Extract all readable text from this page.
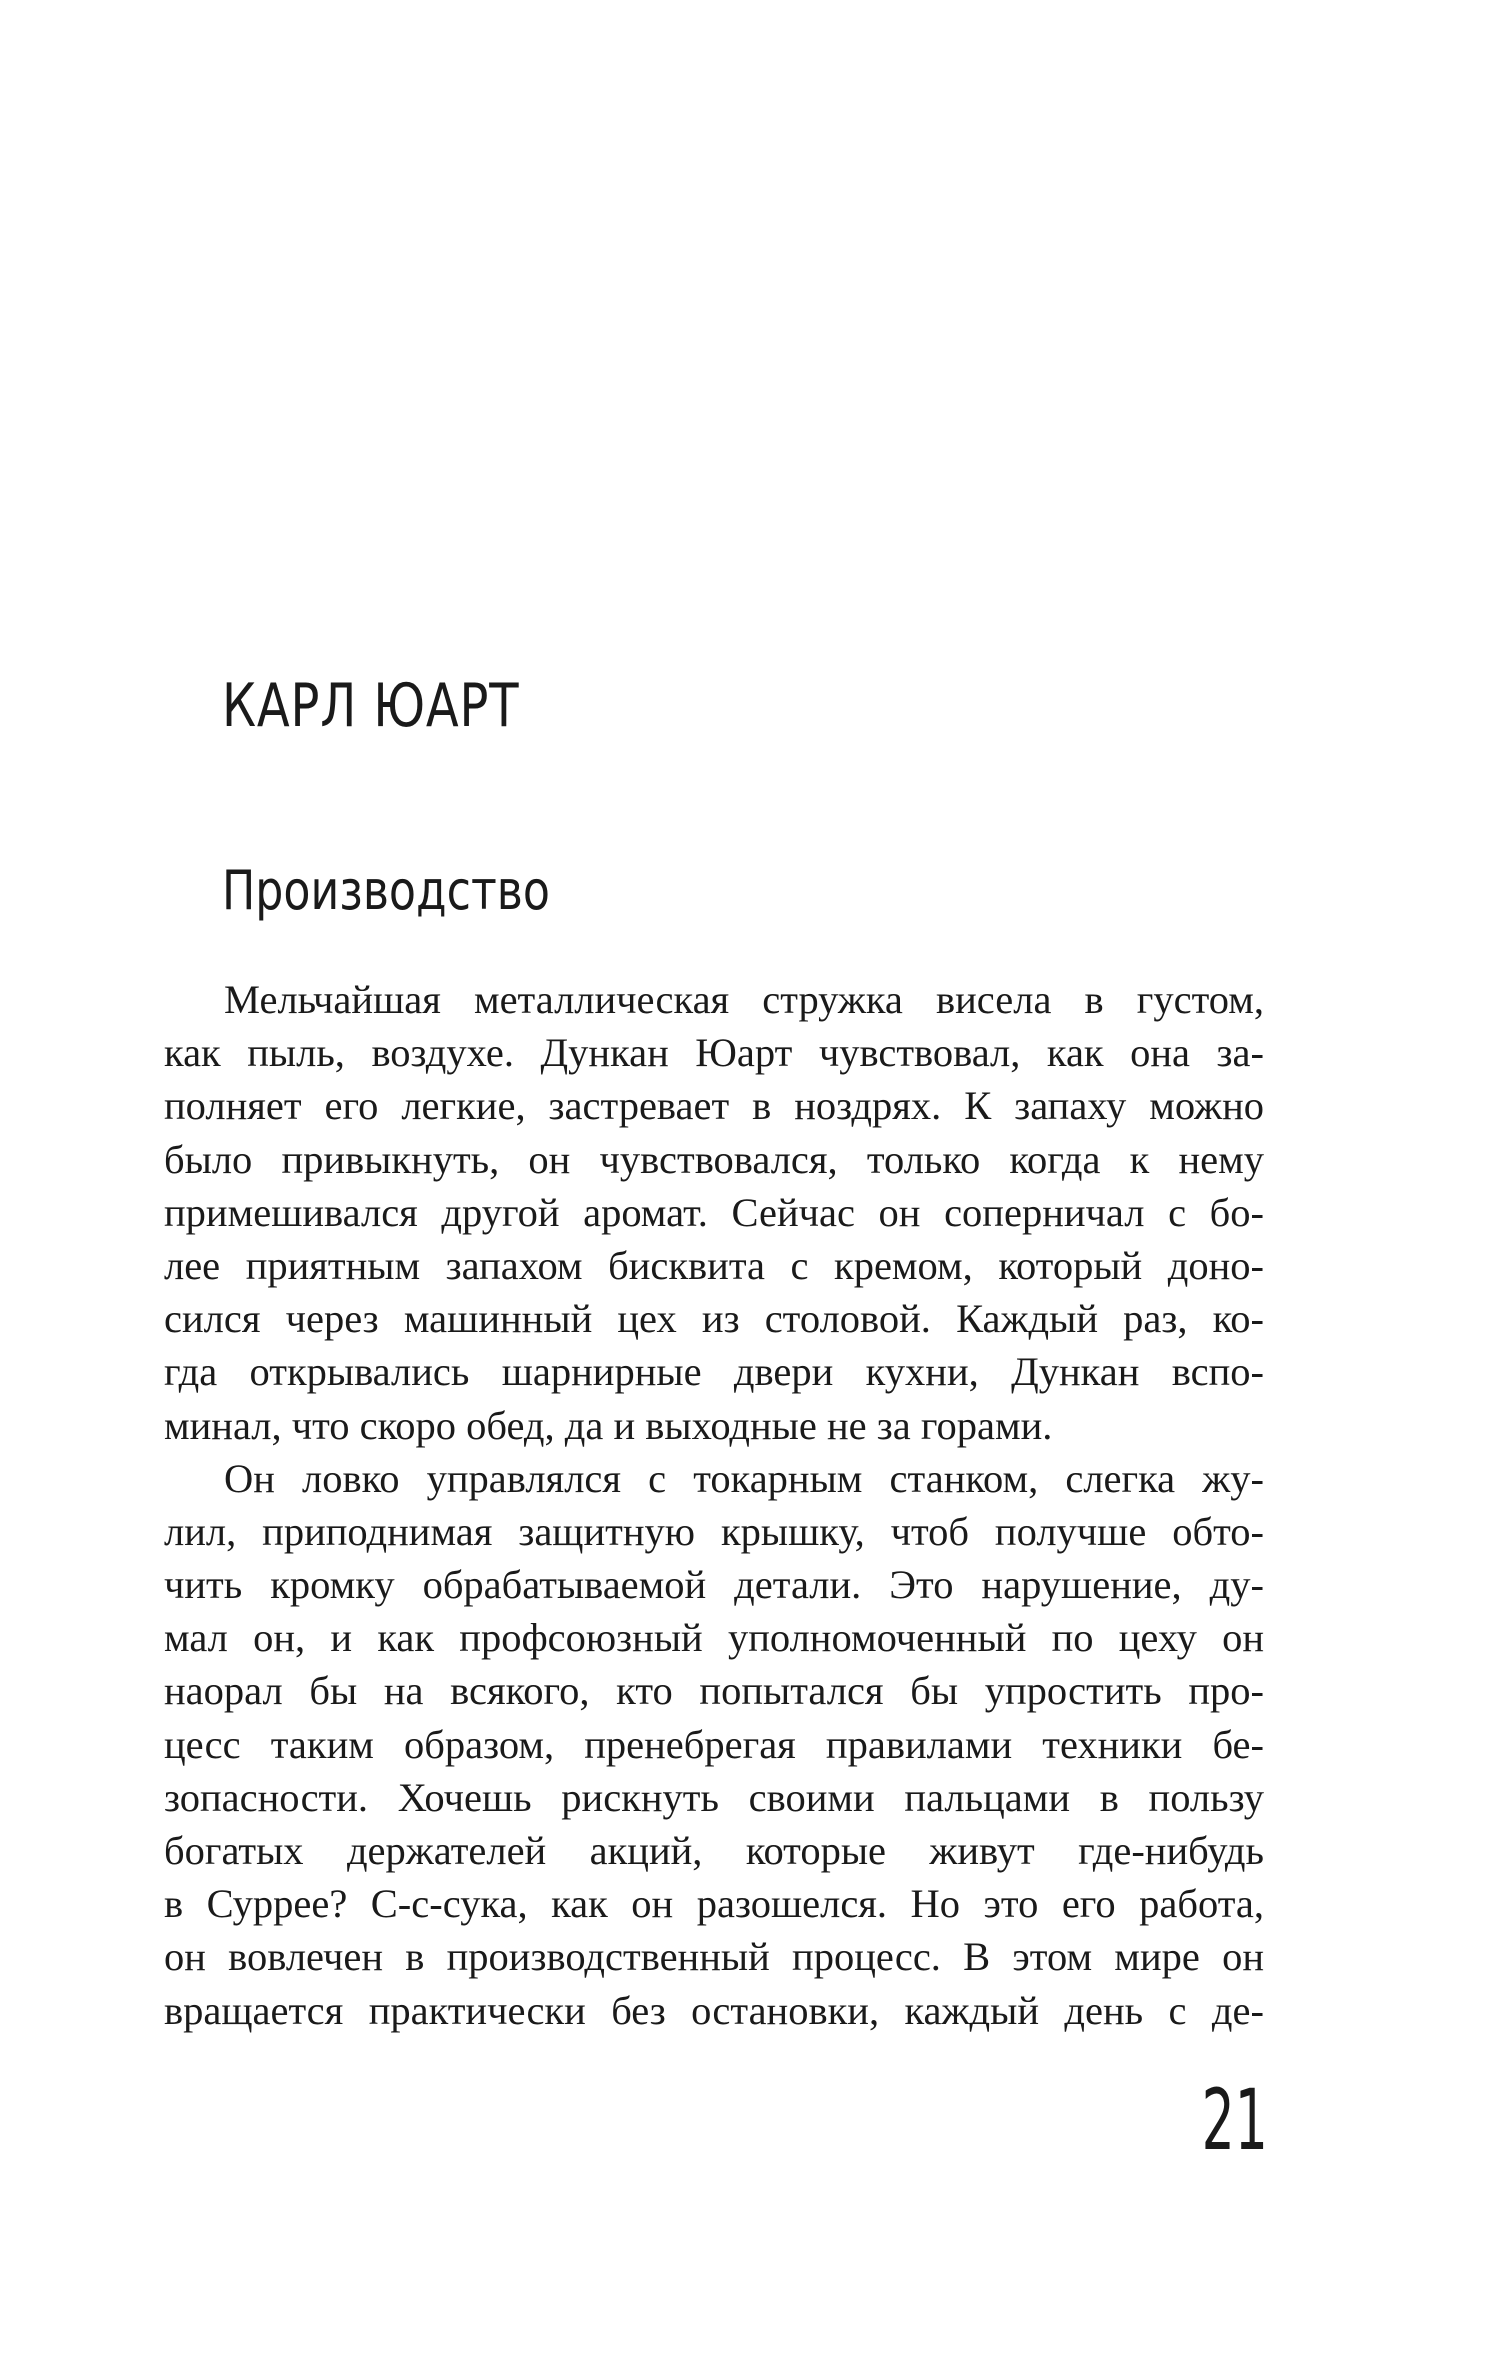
КАРЛ ЮАРТ
Производство
Мельчайшая металлическая стружка висела в густом,
как пыль, воздухе. Дункан Юарт чувствовал, как она за-
полняет его легкие, застревает в ноздрях. К запаху можно
было привыкнуть, он чувствовался, только когда к нему
примешивался другой аромат. Сейчас он соперничал с бо-
лее приятным запахом бисквита с кремом, который доно-
сился через машинный цех из столовой. Каждый раз, ко-
гда открывались шарнирные двери кухни, Дункан вспо-
минал, что скоро обед, да и выходные не за горами.
Он ловко управлялся с токарным станком, слегка жу-
лил, приподнимая защитную крышку, чтоб получше обто-
чить кромку обрабатываемой детали. Это нарушение, ду-
мал он, и как профсоюзный уполномоченный по цеху он
наорал бы на всякого, кто попытался бы упростить про-
цесс таким образом, пренебрегая правилами техники бе-
зопасности. Хочешь рискнуть своими пальцами в пользу
богатых держателей акций, которые живут где-нибудь
в Суррее? С-с-сука, как он разошелся. Но это его работа,
он вовлечен в производственный процесс. В этом мире он
вращается практически без остановки, каждый день с де-
21
